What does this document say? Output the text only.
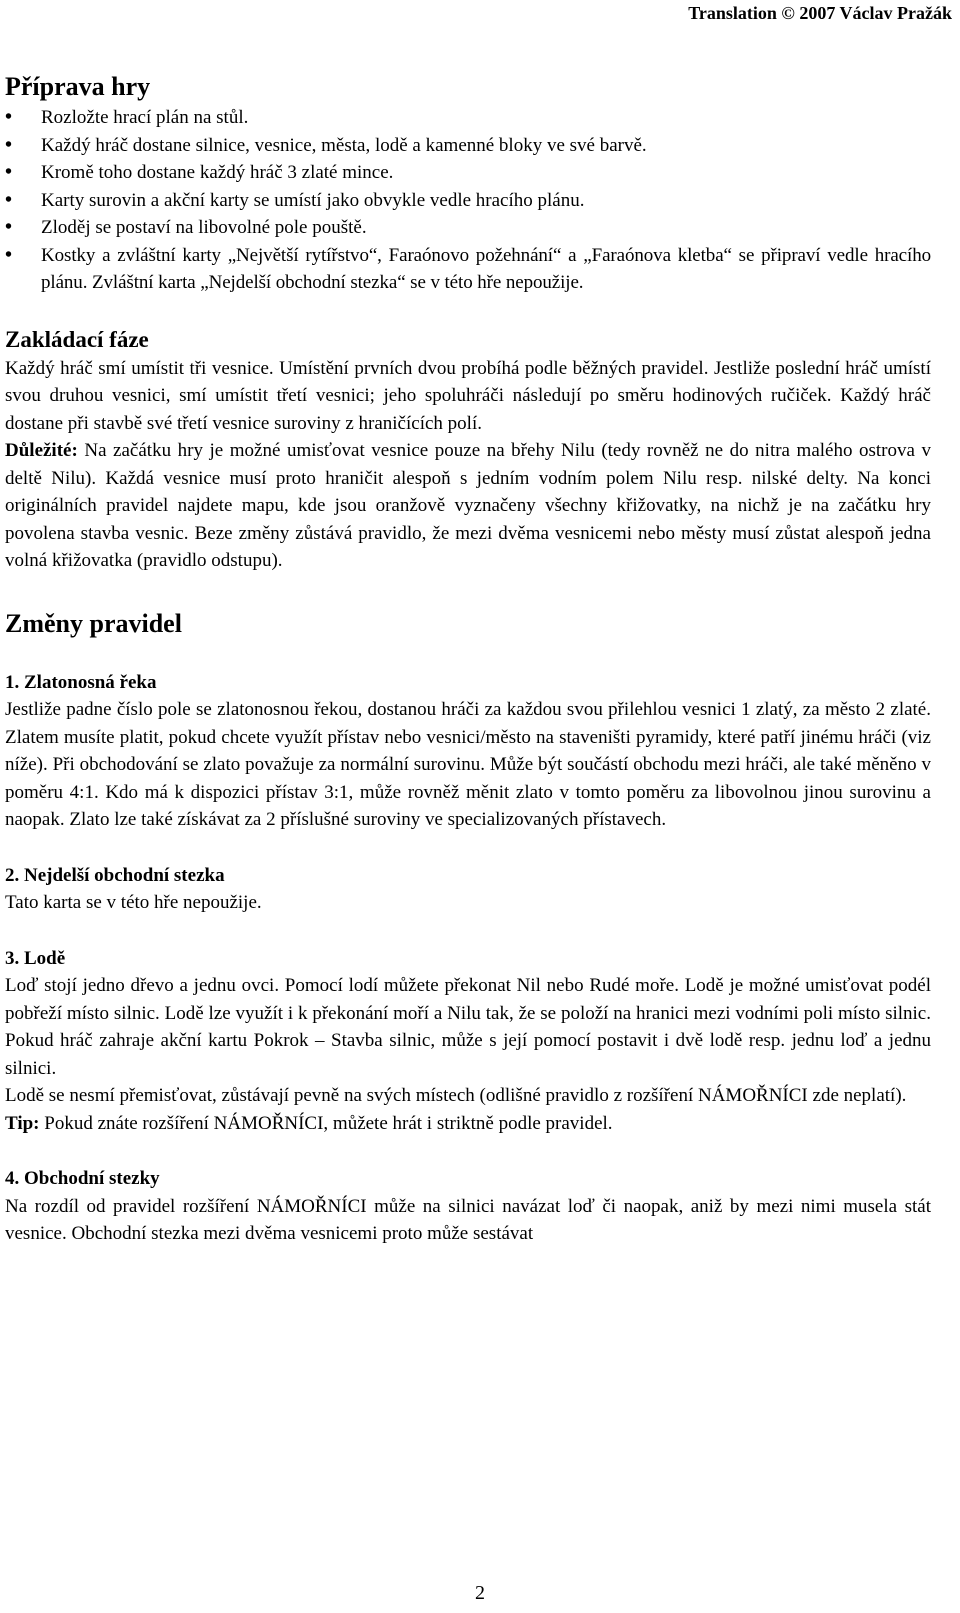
Translation © 2007 Václav Pražák
Příprava hry
• Rozložte hrací plán na stůl.
• Každý hráč dostane silnice, vesnice, města, lodě a kamenné bloky ve své barvě.
• Kromě toho dostane každý hráč 3 zlaté mince.
• Karty surovin a akční karty se umístí jako obvykle vedle hracího plánu.
• Zloděj se postaví na libovolné pole pouště.
• Kostky a zvláštní karty „Největší rytířstvo“, Faraónovo požehnání“ a „Faraónova kletba“ se připraví vedle hracího plánu. Zvláštní karta „Nejdelší obchodní stezka“ se v této hře nepoužije.
Zakládací fáze

Každý hráč smí umístit tři vesnice. Umístění prvních dvou probíhá podle běžných pravidel. Jestliže poslední hráč umístí svou druhou vesnici, smí umístit třetí vesnici; jeho spoluhráči následují po směru hodinových ručiček. Každý hráč dostane při stavbě své třetí vesnice suroviny z hraničících polí.

Důležité: Na začátku hry je možné umisťovat vesnice pouze na břehy Nilu (tedy rovněž ne do nitra malého ostrova v deltě Nilu). Každá vesnice musí proto hraničit alespoň s jedním vodním polem Nilu resp. nilské delty. Na konci originálních pravidel najdete mapu, kde jsou oranžově vyznačeny všechny křižovatky, na nichž je na začátku hry povolena stavba vesnic. Beze změny zůstává pravidlo, že mezi dvěma vesnicemi nebo městy musí zůstat alespoň jedna volná křižovatka (pravidlo odstupu).

Změny pravidel
1. Zlatonosná řeka

Jestliže padne číslo pole se zlatonosnou řekou, dostanou hráči za každou svou přilehlou vesnici 1 zlatý, za město 2 zlaté. Zlatem musíte platit, pokud chcete využít přístav nebo vesnici/město na staveništi pyramidy, které patří jinému hráči (viz níže). Při obchodování se zlato považuje za normální surovinu. Může být součástí obchodu mezi hráči, ale také měněno v poměru 4:1. Kdo má k dispozici přístav 3:1, může rovněž měnit zlato v tomto poměru za libovolnou jinou surovinu a naopak. Zlato lze také získávat za 2 příslušné suroviny ve specializovaných přístavech.

2. Nejdelší obchodní stezka

Tato karta se v této hře nepoužije.

3. Lodě

Loď stojí jedno dřevo a jednu ovci. Pomocí lodí můžete překonat Nil nebo Rudé moře. Lodě je možné umisťovat podél pobřeží místo silnic. Lodě lze využít i k překonání moří a Nilu tak, že se položí na hranici mezi vodními poli místo silnic. Pokud hráč zahraje akční kartu Pokrok – Stavba silnic, může s její pomocí postavit i dvě lodě resp. jednu loď a jednu silnici.

Lodě se nesmí přemisťovat, zůstávají pevně na svých místech (odlišné pravidlo z rozšíření NÁMOŘNÍCI zde neplatí).

Tip: Pokud znáte rozšíření NÁMOŘNÍCI, můžete hrát i striktně podle pravidel.

4. Obchodní stezky

Na rozdíl od pravidel rozšíření NÁMOŘNÍCI může na silnici navázat loď či naopak, aniž by mezi nimi musela stát vesnice. Obchodní stezka mezi dvěma vesnicemi proto může sestávat

2
